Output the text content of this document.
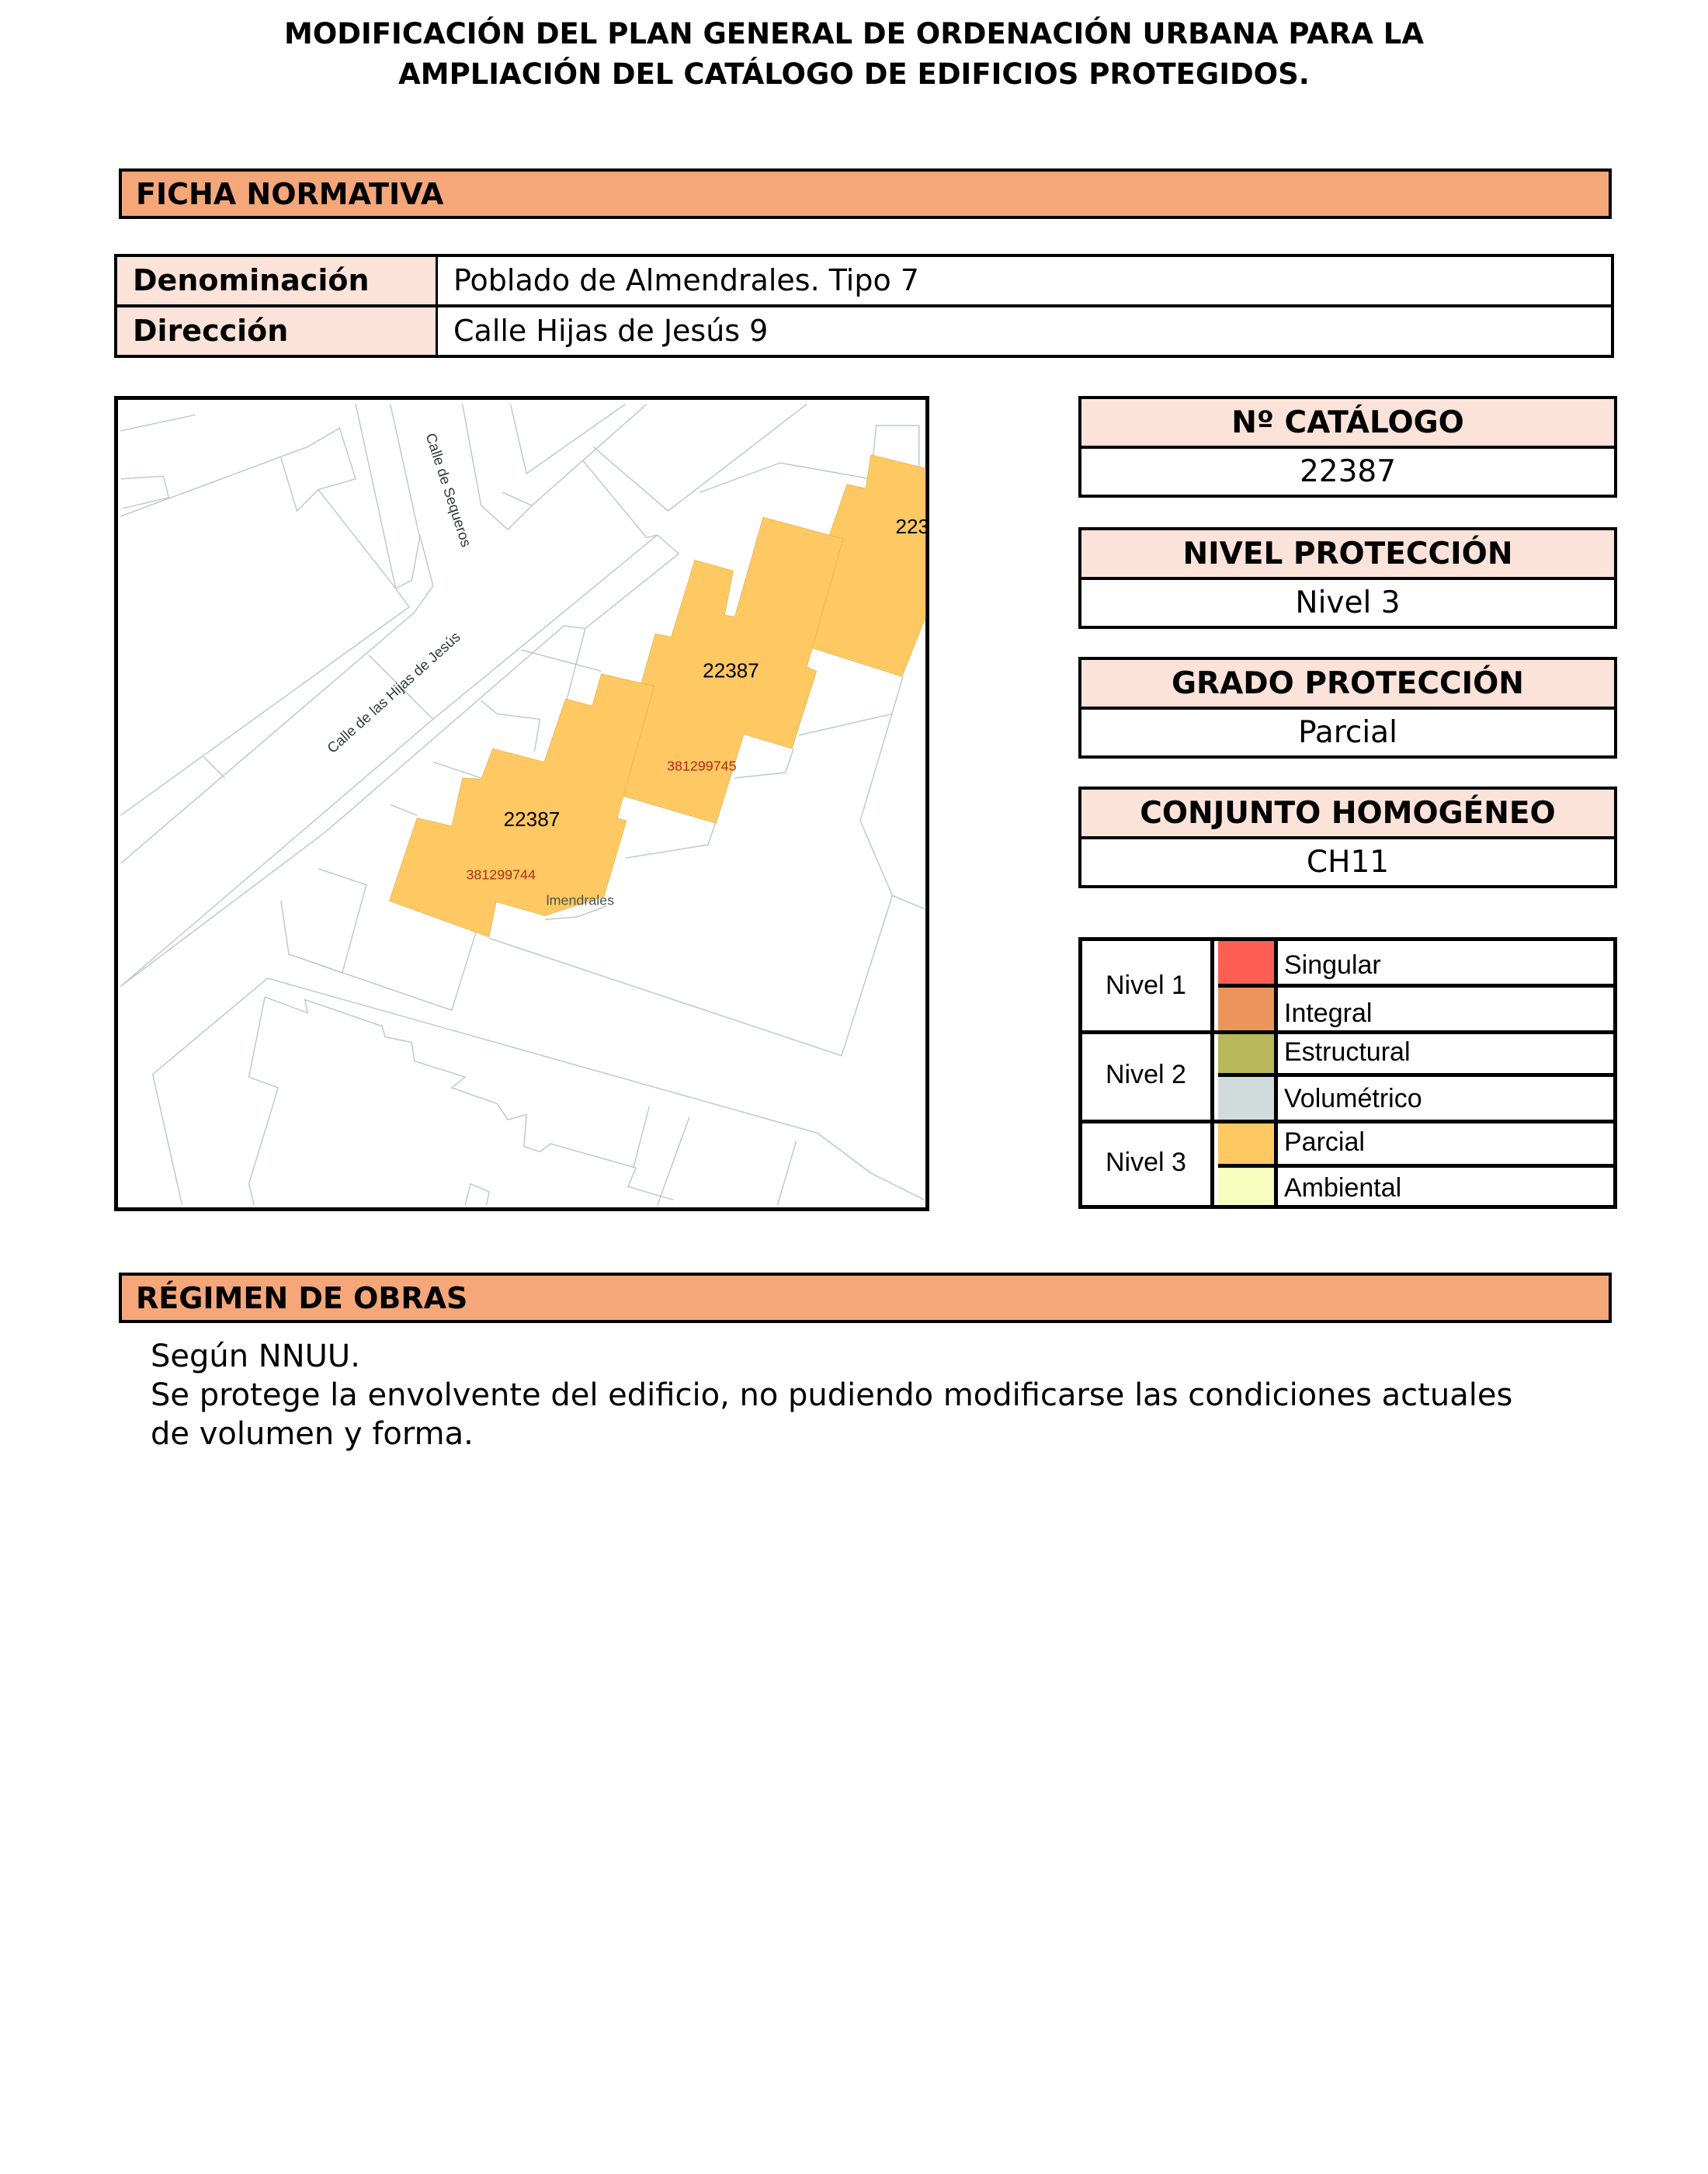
MODIFICACIÓN DEL PLAN GENERAL DE ORDENACIÓN URBANA PARA LA
AMPLIACIÓN DEL CATÁLOGO DE EDIFICIOS PROTEGIDOS.
FICHA NORMATIVA
Denominación	Poblado de Almendrales. Tipo 7
Dirección	Calle Hijas de Jesús 9
Calle de Sequeros
Calle de las Hijas de Jesús
lmendrales
22387
22387
223
381299744
381299745
Nº CATÁLOGO
22387
NIVEL PROTECCIÓN
Nivel 3
GRADO PROTECCIÓN
Parcial
CONJUNTO HOMOGÉNEO
CH11
Nivel 1
Nivel 2
Nivel 3
Singular
Integral
Estructural
Volumétrico
Parcial
Ambiental
RÉGIMEN DE OBRAS
Según NNUU.
Se protege la envolvente del edificio, no pudiendo modificarse las condiciones actuales
de volumen y forma.
